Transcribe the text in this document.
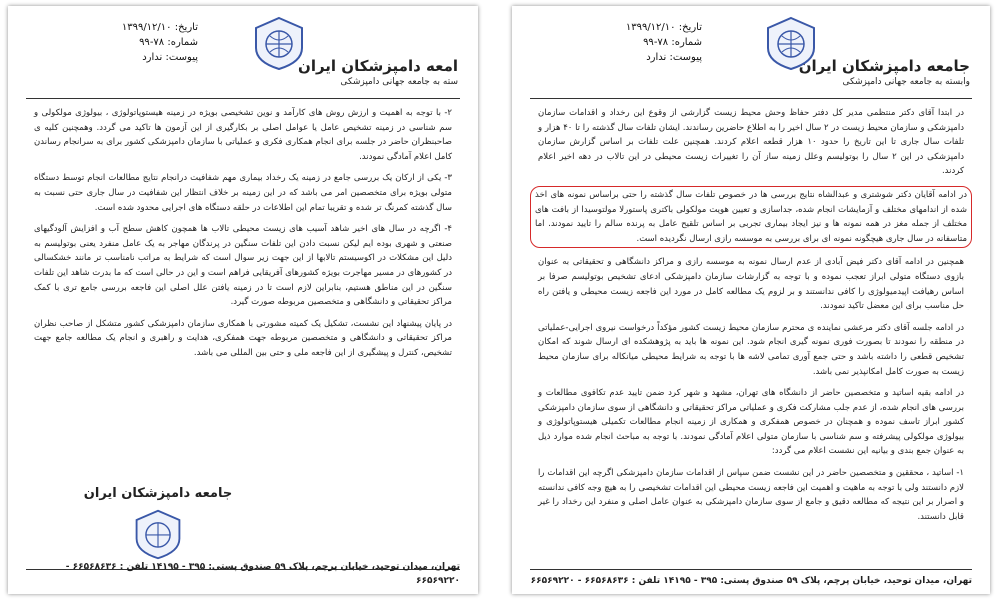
تاریخ: ۱۳۹۹/۱۲/۱۰
شماره: ۷۸-۹۹
پیوست: ندارد	امعه دامپزشکان ایران
سته به جامعه جهانی دامپزشکی

۲- با توجه به اهمیت و ارزش روش های کارآمد و نوین تشخیصی بویژه در زمینه هیستوپاتولوژی ، بیولوژی مولکولی و سم شناسی در زمینه تشخیص عامل یا عوامل اصلی بر بکارگیری از این آزمون ها تاکید می گردد. وهمچنین کلیه ی صاحبنظران حاضر در جلسه برای انجام همکاری فکری و عملیاتی با سازمان دامپزشکی کشور برای به سرانجام رساندن کامل اعلام آمادگی نمودند.

۳- یکی از ارکان یک بررسی جامع در زمینه یک رخداد بیماری مهم شفافیت درانجام نتایج مطالعات انجام توسط دستگاه متولی بویژه برای متخصصین امر می باشد که در این زمینه بر خلاف انتظار این شفافیت در سال جاری حتی نسبت به سال گذشته کمرنگ تر شده و تقریبا تمام این اطلاعات در حلقه دستگاه های اجرایی محدود شده است.

۴- اگرچه در سال های اخیر شاهد آسیب های زیست محیطی تالاب ها همچون کاهش سطح آب و افزایش آلودگیهای صنعتی و شهری بوده ایم لیکن نسبت دادن این تلفات سنگین در پرندگان مهاجر به یک عامل منفرد یعنی بوتولیسم به دلیل این مشکلات در اکوسیستم تالابها از این جهت زیر سوال است که شرایط به مراتب نامناسب تر مانند خشکسالی در کشورهای در مسیر مهاجرت بویژه کشورهای آفریقایی فراهم است و این در حالی است که ما بدرت شاهد این تلفات سنگین در این مناطق هستیم، بنابراین لازم است تا در زمینه یافتن علل اصلی این فاجعه بررسی جامع تری با کمک مراکز تحقیقاتی و دانشگاهی و متخصصین مربوطه صورت گیرد.

در پایان پیشنهاد این نشست، تشکیل یک کمیته مشورتی با همکاری سازمان دامپزشکی کشور متشکل از صاحب نظران مراکز تحقیقاتی و دانشگاهی و متخصصین مربوطه جهت همفکری، هدایت و راهبری و انجام یک مطالعه جامع جهت تشخیص، کنترل و پیشگیری از این فاجعه ملی و حتی بین المللی می باشد.

جامعه دامپزشکان ایران
تهران، میدان توحید، خیابان پرچم، پلاک ۵۹ صندوق پستی: ۳۹۵ - ۱۴۱۹۵ تلفن : ۶۶۵۶۸۶۳۶ - ۶۶۵۶۹۲۲۰
تاریخ: ۱۳۹۹/۱۲/۱۰
شماره: ۷۸-۹۹
پیوست: ندارد	جامعه دامپزشکان ایران
وابسته به جامعه جهانی دامپزشکی

در ابتدا آقای دکتر منتظمی مدیر کل دفتر حفاظ وحش محیط زیست گزارشی از وقوع این رخداد و اقدامات سازمان دامپزشکی و سازمان محیط زیست در ۲ سال اخیر را به اطلاع حاضرین رساندند. ایشان تلفات سال گذشته را تا ۴۰ هزار و تلفات سال جاری تا این تاریخ را حدود ۱۰ هزار قطعه اعلام کردند. همچنین علت تلفات بر اساس گزارش سازمان دامپزشکی در این ۲ سال را بوتولیسم وعلل زمینه ساز آن را تغییرات زیست محیطی در این تالاب در دهه اخیر اعلام کردند.

در ادامه آقایان دکتر شوشتری و عبدالشاه نتایج بررسی ها در خصوص تلفات سال گذشته را حتی براساس نمونه های اخذ شده از اندامهای مختلف و آزمایشات انجام شده، جداسازی و تعیین هویت مولکولی باکتری پاستورلا مولتوسیدا از بافت های مختلف از جمله مغز در همه نمونه ها و نیز ایجاد بیماری تجربی بر اساس تلقیح عامل به پرنده سالم را تایید نمودند. اما متاسفانه در سال جاری هیچگونه نمونه ای برای بررسی به موسسه رازی ارسال نگردیده است.

همچنین در ادامه آقای دکتر فیض آبادی از عدم ارسال نمونه به موسسه رازی و مراکز دانشگاهی و تحقیقاتی به عنوان بازوی دستگاه متولی ابراز تعجب نموده و با توجه به گزارشات سازمان دامپزشکی ادعای تشخیص بوتولیسم صرفا بر اساس رهیافت اپیدمیولوژی را کافی ندانستند و بر لزوم یک مطالعه کامل در مورد این فاجعه زیست محیطی و یافتن راه حل مناسب برای این معضل تاکید نمودند.

در ادامه جلسه آقای دکتر مرعشی نماینده ی محترم سازمان محیط زیست کشور مؤکداً درخواست نیروی اجرایی-عملیاتی در منطقه را نمودند تا بصورت فوری نمونه گیری انجام شود. این نمونه ها باید به پژوهشکده ای ارسال شوند که امکان تشخیص قطعی را داشته باشد و حتی جمع آوری تمامی لاشه ها با توجه به شرایط محیطی میانکاله برای سازمان محیط زیست به صورت کامل امکانپذیر نمی باشد.

در ادامه بقیه اساتید و متخصصین حاضر از دانشگاه های تهران، مشهد و شهر کرد ضمن تایید عدم تکافوی مطالعات و بررسی های انجام شده، از عدم جلب مشارکت فکری و عملیاتی مراکز تحقیقاتی و دانشگاهی از سوی سازمان دامپزشکی کشور ابراز تاسف نموده و همچنان در خصوص همفکری و همکاری از زمینه انجام مطالعات تکمیلی هیستوپاتولوژی و بیولوژی مولکولی پیشرفته و سم شناسی با سازمان متولی اعلام آمادگی نمودند. با توجه به مباحث انجام شده موارد ذیل به عنوان جمع بندی و بیانیه این نشست اعلام می گردد:

۱- اساتید ، محققین و متخصصین حاضر در این نشست ضمن سپاس از اقدامات سازمان دامپزشکی اگرچه این اقدامات را لازم دانستند ولی با توجه به ماهیت و اهمیت این فاجعه زیست محیطی این اقدامات تشخیصی را به هیچ وجه کافی ندانسته و اصرار بر این نتیجه که مطالعه دقیق و جامع از سوی سازمان دامپزشکی به عنوان عامل اصلی و منفرد این رخداد را غیر قابل دانستند.

تهران، میدان توحید، خیابان پرچم، پلاک ۵۹ صندوق پستی: ۳۹۵ - ۱۴۱۹۵ تلفن : ۶۶۵۶۸۶۳۶ - ۶۶۵۶۹۲۲۰
